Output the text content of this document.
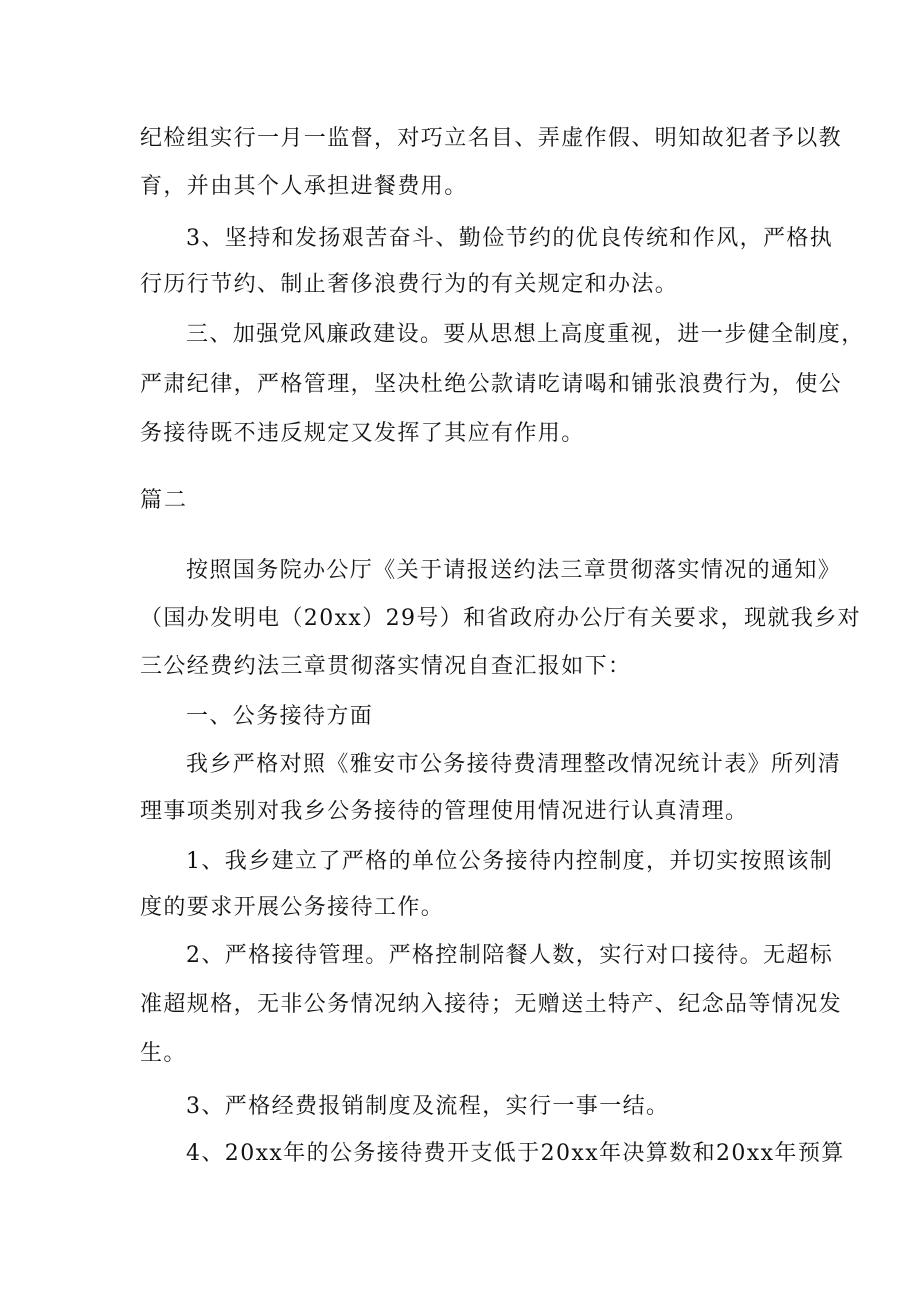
纪检组实行一月一监督，对巧立名目、弄虚作假、明知故犯者予以教
育，并由其个人承担进餐费用。
3、坚持和发扬艰苦奋斗、勤俭节约的优良传统和作风，严格执
行历行节约、制止奢侈浪费行为的有关规定和办法。
三、加强党风廉政建设。要从思想上高度重视，进一步健全制度，
严肃纪律，严格管理，坚决杜绝公款请吃请喝和铺张浪费行为，使公
务接待既不违反规定又发挥了其应有作用。
篇二
按照国务院办公厅《关于请报送约法三章贯彻落实情况的通知》
（国办发明电（20xx）29号）和省政府办公厅有关要求，现就我乡对
三公经费约法三章贯彻落实情况自查汇报如下：
一、公务接待方面
我乡严格对照《雅安市公务接待费清理整改情况统计表》所列清
理事项类别对我乡公务接待的管理使用情况进行认真清理。
1、我乡建立了严格的单位公务接待内控制度，并切实按照该制
度的要求开展公务接待工作。
2、严格接待管理。严格控制陪餐人数，实行对口接待。无超标
准超规格，无非公务情况纳入接待；无赠送土特产、纪念品等情况发
生。
3、严格经费报销制度及流程，实行一事一结。
4、20xx年的公务接待费开支低于20xx年决算数和20xx年预算
